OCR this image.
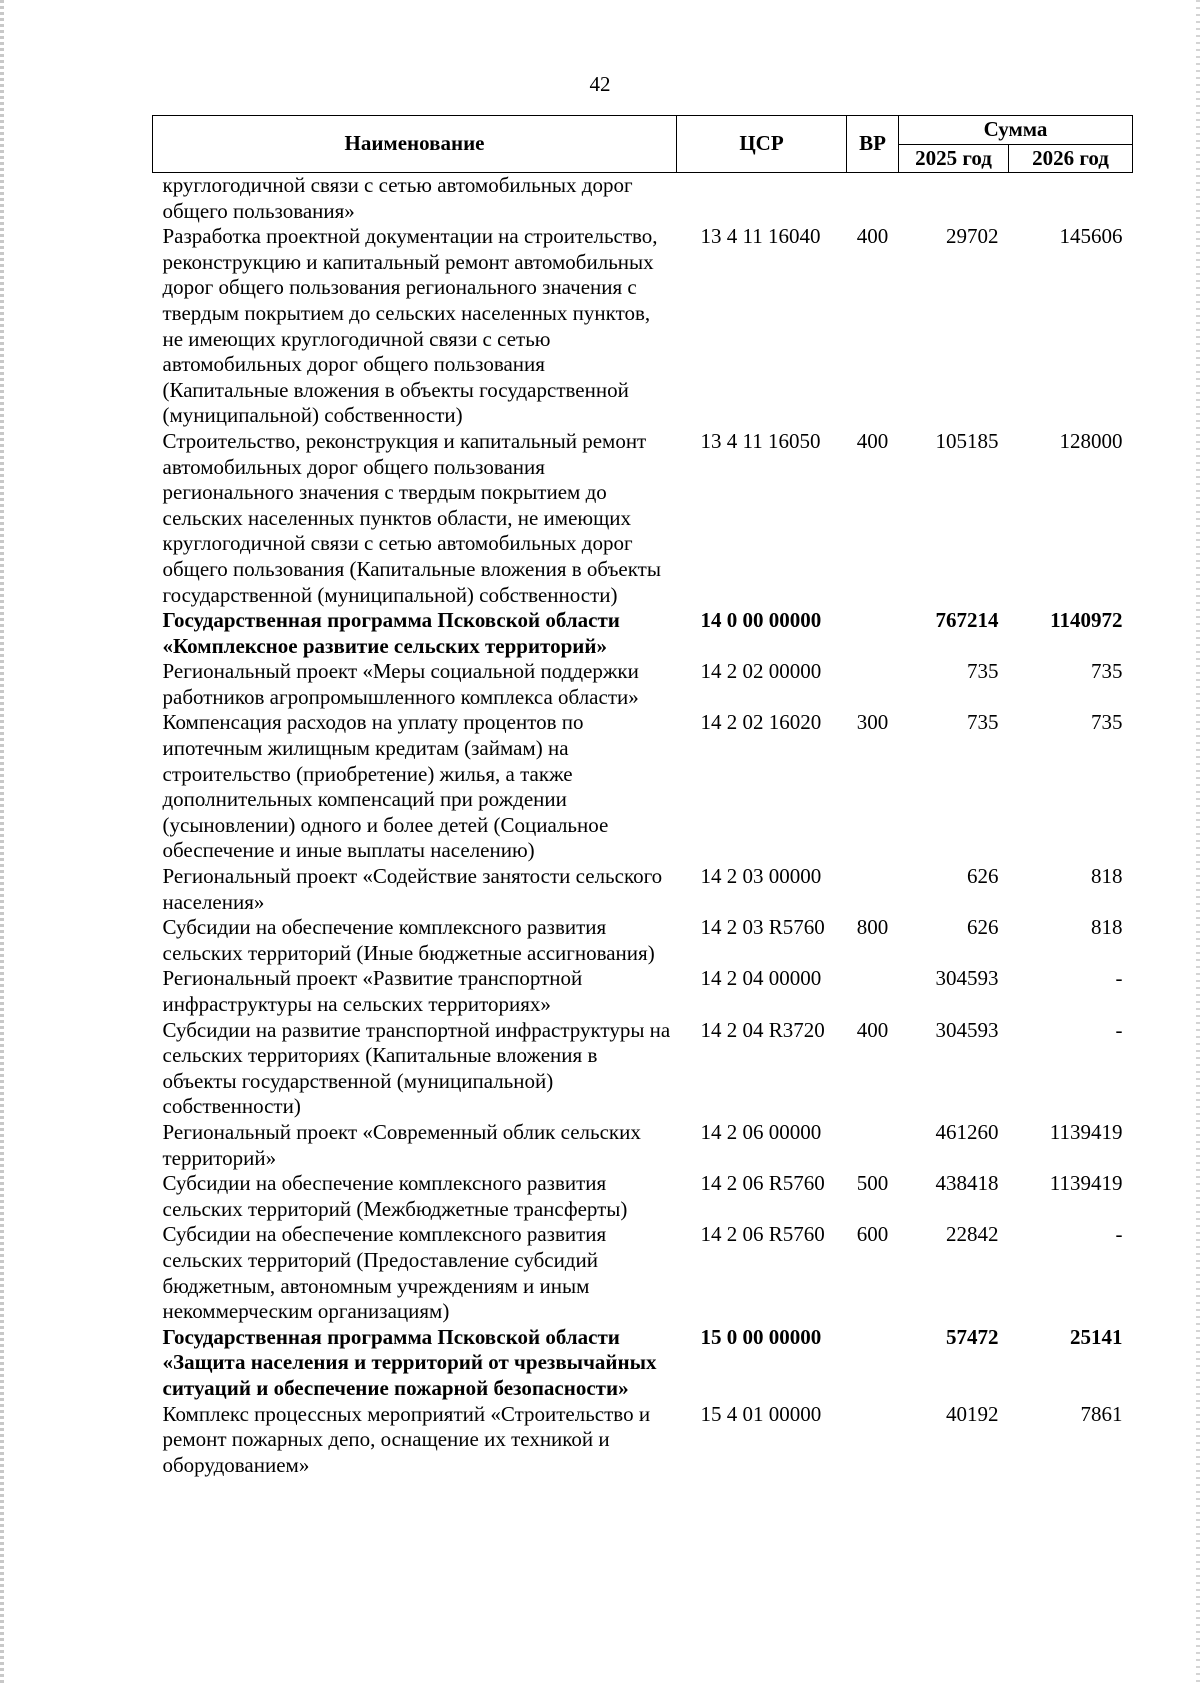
42
Наименование	ЦСР	ВР	Сумма	
			2025 год	2026 год
круглогодичной связи с сетью автомобильных дорог общего пользования»				
Разработка проектной документации на строительство, реконструкцию и капитальный ремонт автомобильных дорог общего пользования регионального значения с твердым покрытием до сельских населенных пунктов, не имеющих круглогодичной связи с сетью автомобильных дорог общего пользования (Капитальные вложения в объекты государственной (муниципальной) собственности)	13 4 11 16040	400	29702	145606
Строительство, реконструкция и капитальный ремонт автомобильных дорог общего пользования регионального значения с твердым покрытием до сельских населенных пунктов области, не имеющих круглогодичной связи с сетью автомобильных дорог общего пользования (Капитальные вложения в объекты государственной (муниципальной) собственности)	13 4 11 16050	400	105185	128000
Государственная программа Псковской области «Комплексное развитие сельских территорий»	14 0 00 00000		767214	1140972
Региональный проект «Меры социальной поддержки работников агропромышленного комплекса области»	14 2 02 00000		735	735
Компенсация расходов на уплату процентов по ипотечным жилищным кредитам (займам) на строительство (приобретение) жилья, а также дополнительных компенсаций при рождении (усыновлении) одного и более детей (Социальное обеспечение и иные выплаты населению)	14 2 02 16020	300	735	735
Региональный проект «Содействие занятости сельского населения»	14 2 03 00000		626	818
Субсидии на обеспечение комплексного развития сельских территорий (Иные бюджетные ассигнования)	14 2 03 R5760	800	626	818
Региональный проект «Развитие транспортной инфраструктуры на сельских территориях»	14 2 04 00000		304593	-
Субсидии на развитие транспортной инфраструктуры на сельских территориях (Капитальные вложения в объекты государственной (муниципальной) собственности)	14 2 04 R3720	400	304593	-
Региональный проект «Современный облик сельских территорий»	14 2 06 00000		461260	1139419
Субсидии на обеспечение комплексного развития сельских территорий (Межбюджетные трансферты)	14 2 06 R5760	500	438418	1139419
Субсидии на обеспечение комплексного развития сельских территорий (Предоставление субсидий бюджетным, автономным учреждениям и иным некоммерческим организациям)	14 2 06 R5760	600	22842	-
Государственная программа Псковской области «Защита населения и территорий от чрезвычайных ситуаций и обеспечение пожарной безопасности»	15 0 00 00000		57472	25141
Комплекс процессных мероприятий «Строительство и ремонт пожарных депо, оснащение их техникой и оборудованием»	15 4 01 00000		40192	7861
